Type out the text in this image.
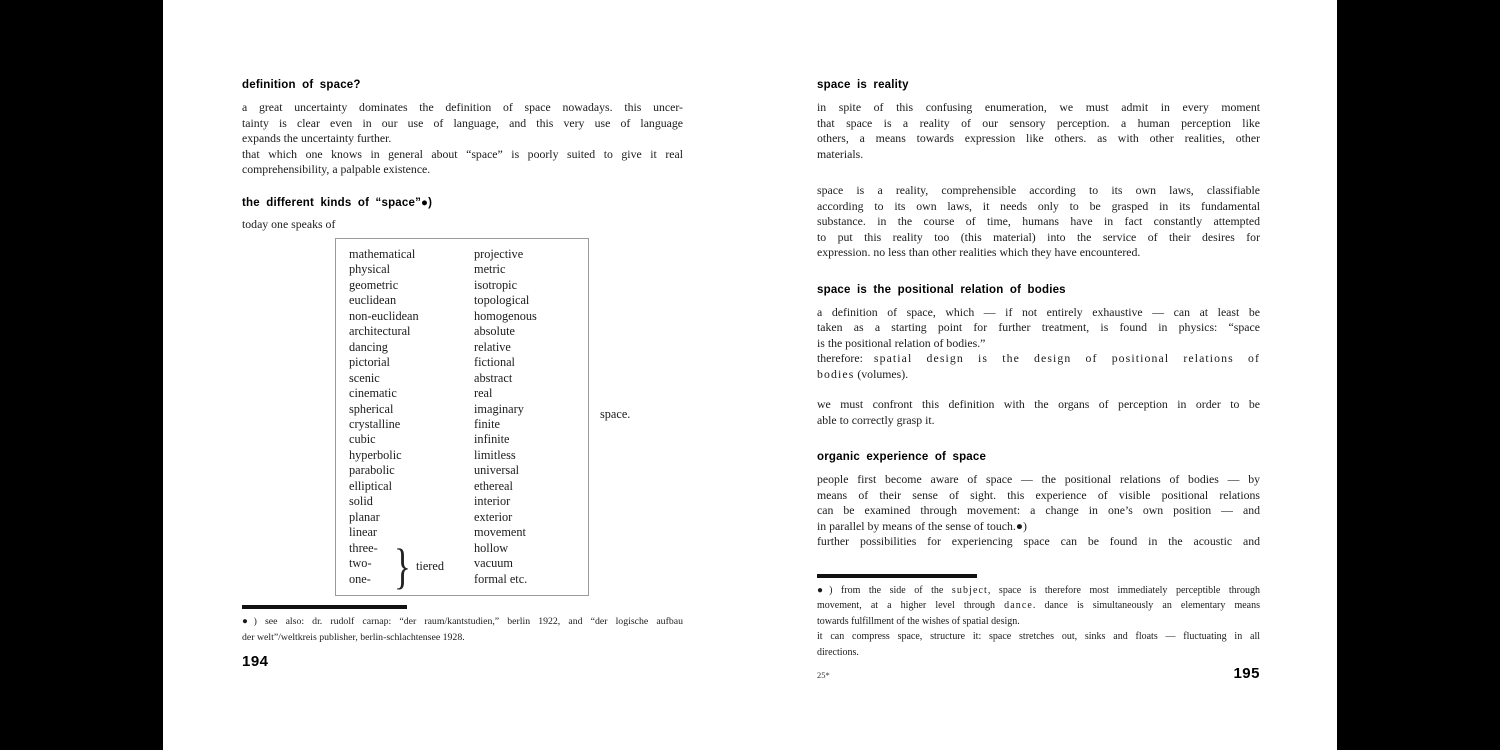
definition of space?
a great uncertainty dominates the definition of space nowadays. this uncer-
tainty is clear even in our use of language, and this very use of language
expands the uncertainty further.
that which one knows in general about “space” is poorly suited to give it real
comprehensibility, a palpable existence.
the different kinds of “space”●)
today one speaks of
mathematical
physical
geometric
euclidean
non-euclidean
architectural
dancing
pictorial
scenic
cinematic
spherical
crystalline
cubic
hyperbolic
parabolic
elliptical
solid
planar
linear
three-
two-
one-
projective
metric
isotropic
topological
homogenous
absolute
relative
fictional
abstract
real
imaginary
finite
infinite
limitless
universal
ethereal
interior
exterior
movement
hollow
vacuum
formal etc.
} tiered
space.
●) see also: dr. rudolf carnap: “der raum/kantstudien,” berlin 1922, and “der logische aufbau
der welt”/weltkreis publisher, berlin-schlachtensee 1928.
194
space is reality
in spite of this confusing enumeration, we must admit in every moment
that space is a reality of our sensory perception. a human perception like
others, a means towards expression like others. as with other realities, other
materials.
space is a reality, comprehensible according to its own laws, classifiable
according to its own laws, it needs only to be grasped in its fundamental
substance. in the course of time, humans have in fact constantly attempted
to put this reality too (this material) into the service of their desires for
expression. no less than other realities which they have encountered.
space is the positional relation of bodies
a definition of space, which — if not entirely exhaustive — can at least be
taken as a starting point for further treatment, is found in physics: “space
is the positional relation of bodies.”
therefore: spatial design is the design of positional relations of
bodies (volumes).
we must confront this definition with the organs of perception in order to be
able to correctly grasp it.
organic experience of space
people first become aware of space — the positional relations of bodies — by
means of their sense of sight. this experience of visible positional relations
can be examined through movement: a change in one’s own position — and
in parallel by means of the sense of touch.●)
further possibilities for experiencing space can be found in the acoustic and
●) from the side of the subject, space is therefore most immediately perceptible through
movement, at a higher level through dance. dance is simultaneously an elementary means
towards fulfillment of the wishes of spatial design.
it can compress space, structure it: space stretches out, sinks and floats — fluctuating in all
directions.
25*	195
